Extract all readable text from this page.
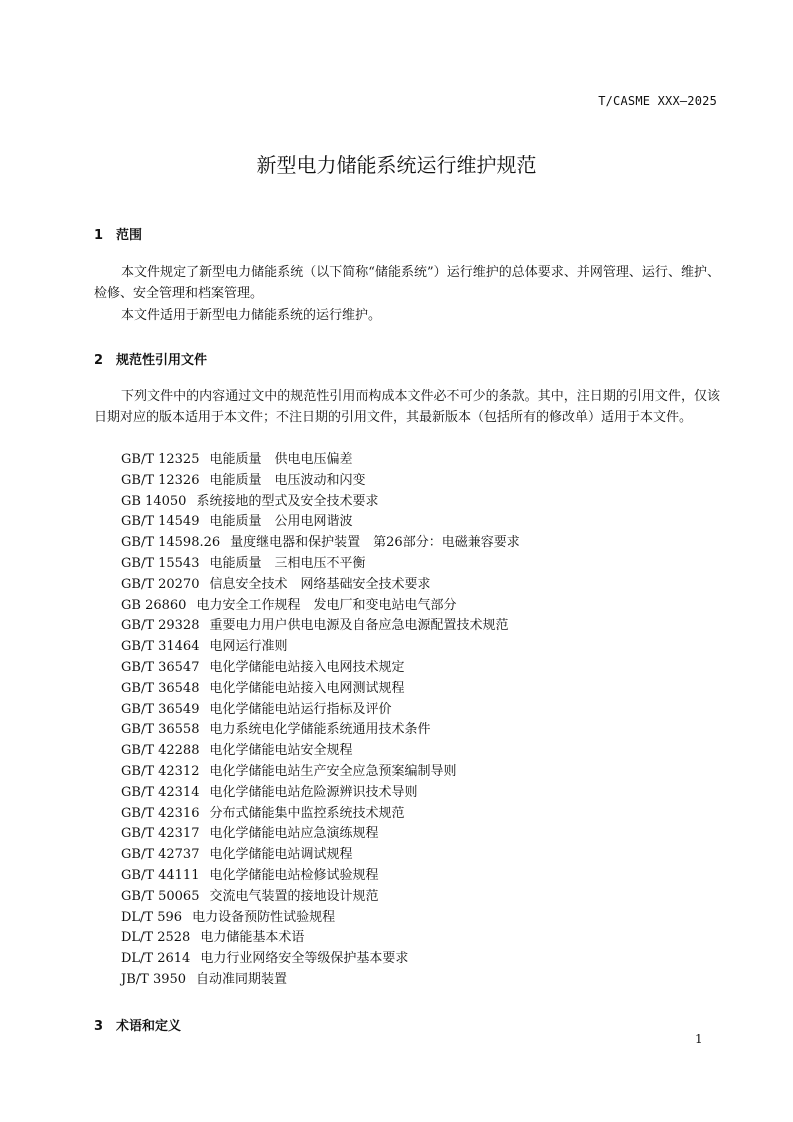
T/CASME XXX—2025
新型电力储能系统运行维护规范
1 范围

本文件规定了新型电力储能系统（以下简称“储能系统”）运行维护的总体要求、并网管理、运行、维护、检修、安全管理和档案管理。

本文件适用于新型电力储能系统的运行维护。

2 规范性引用文件

下列文件中的内容通过文中的规范性引用而构成本文件必不可少的条款。其中，注日期的引用文件，仅该日期对应的版本适用于本文件；不注日期的引用文件，其最新版本（包括所有的修改单）适用于本文件。

GB/T 12325 电能质量　供电电压偏差
GB/T 12326 电能质量　电压波动和闪变
GB 14050 系统接地的型式及安全技术要求
GB/T 14549 电能质量　公用电网谐波
GB/T 14598.26 量度继电器和保护装置　第26部分：电磁兼容要求
GB/T 15543 电能质量　三相电压不平衡
GB/T 20270 信息安全技术　网络基础安全技术要求
GB 26860 电力安全工作规程　发电厂和变电站电气部分
GB/T 29328 重要电力用户供电电源及自备应急电源配置技术规范
GB/T 31464 电网运行准则
GB/T 36547 电化学储能电站接入电网技术规定
GB/T 36548 电化学储能电站接入电网测试规程
GB/T 36549 电化学储能电站运行指标及评价
GB/T 36558 电力系统电化学储能系统通用技术条件
GB/T 42288 电化学储能电站安全规程
GB/T 42312 电化学储能电站生产安全应急预案编制导则
GB/T 42314 电化学储能电站危险源辨识技术导则
GB/T 42316 分布式储能集中监控系统技术规范
GB/T 42317 电化学储能电站应急演练规程
GB/T 42737 电化学储能电站调试规程
GB/T 44111 电化学储能电站检修试验规程
GB/T 50065 交流电气装置的接地设计规范
DL/T 596 电力设备预防性试验规程
DL/T 2528 电力储能基本术语
DL/T 2614 电力行业网络安全等级保护基本要求
JB/T 3950 自动准同期装置
3 术语和定义
1
